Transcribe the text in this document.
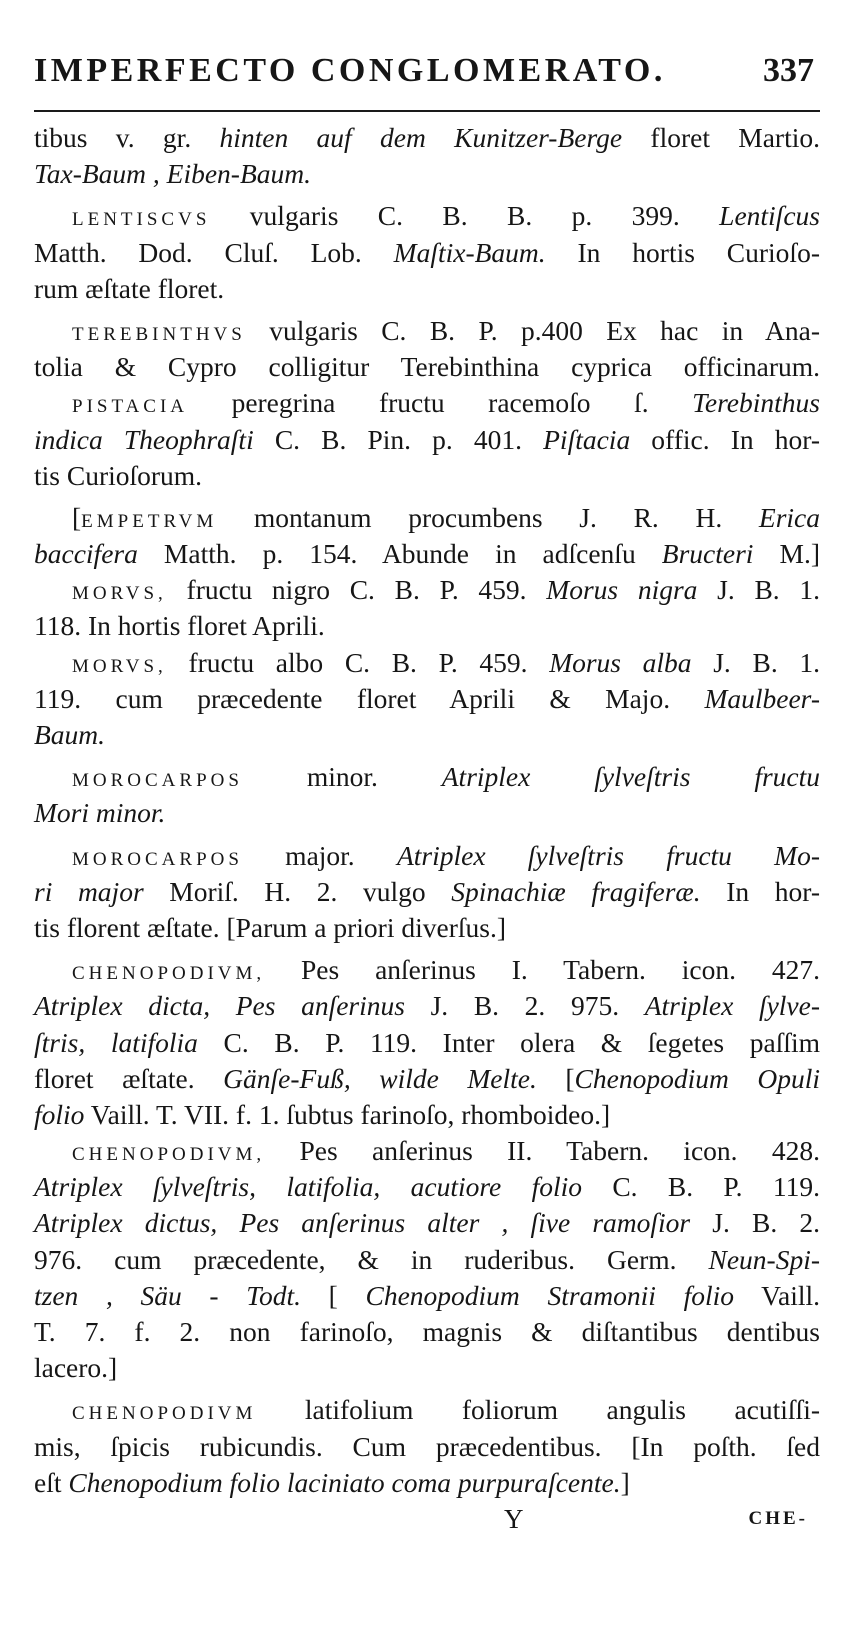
IMPERFECTO CONGLOMERATO.	337
tibus v. gr. hinten auf dem Kunitzer-Berge floret Martio.
Tax-Baum , Eiben-Baum.
LENTISCVS vulgaris C. B. B. p. 399. Lentiſcus
Matth. Dod. Cluſ. Lob. Maſtix-Baum. In hortis Curioſo-
rum æſtate floret.
TEREBINTHVS vulgaris C. B. P. p.400 Ex hac in Ana-
tolia & Cypro colligitur Terebinthina cyprica officinarum.
PISTACIA peregrina fructu racemoſo ſ. Terebinthus
indica Theophraſti C. B. Pin. p. 401. Piſtacia offic. In hor-
tis Curioſorum.
[EMPETRVM montanum procumbens J. R. H. Erica
baccifera Matth. p. 154. Abunde in adſcenſu Bructeri M.]
MORVS, fructu nigro C. B. P. 459. Morus nigra J. B. 1.
118. In hortis floret Aprili.
MORVS, fructu albo C. B. P. 459. Morus alba J. B. 1.
119. cum præcedente floret Aprili & Majo. Maulbeer-
Baum.
MOROCARPOS minor. Atriplex ſylveſtris fructu
Mori minor.
MOROCARPOS major. Atriplex ſylveſtris fructu Mo-
ri major Moriſ. H. 2. vulgo Spinachiæ fragiferæ. In hor-
tis florent æſtate. [Parum a priori diverſus.]
CHENOPODIVM, Pes anſerinus I. Tabern. icon. 427.
Atriplex dicta, Pes anſerinus J. B. 2. 975. Atriplex ſylve-
ſtris, latifolia C. B. P. 119. Inter olera & ſegetes paſſim
floret æſtate. Gänſe-Fuß, wilde Melte. [Chenopodium Opuli
folio Vaill. T. VII. f. 1. ſubtus farinoſo, rhomboideo.]
CHENOPODIVM, Pes anſerinus II. Tabern. icon. 428.
Atriplex ſylveſtris, latifolia, acutiore folio C. B. P. 119.
Atriplex dictus, Pes anſerinus alter , ſive ramoſior J. B. 2.
976. cum præcedente, & in ruderibus. Germ. Neun-Spi-
tzen , Säu - Todt. [ Chenopodium Stramonii folio Vaill.
T. 7. f. 2. non farinoſo, magnis & diſtantibus dentibus
lacero.]
CHENOPODIVM latifolium foliorum angulis acutiſſi-
mis, ſpicis rubicundis. Cum præcedentibus. [In poſth. ſed
eſt Chenopodium folio laciniato coma purpuraſcente.]
Y	CHE-
